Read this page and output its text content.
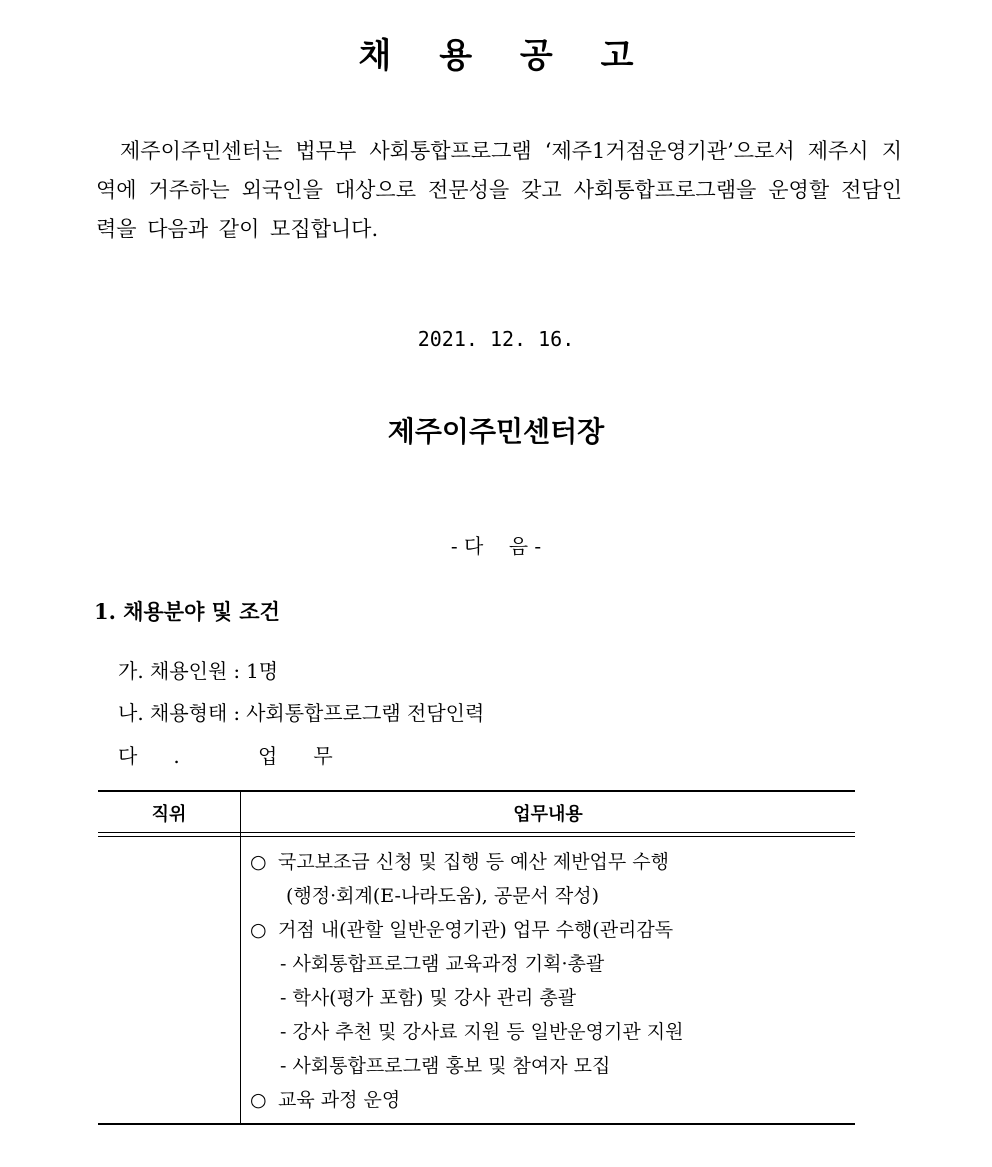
채 용 공 고
제주이주민센터는 법무부 사회통합프로그램 ‘제주1거점운영기관’으로서 제주시 지역에 거주하는 외국인을 대상으로 전문성을 갖고 사회통합프로그램을 운영할 전담인력을 다음과 같이 모집합니다.
2021. 12. 16.
제주이주민센터장
- 다    음 -
1. 채용분야 및 조건
가. 채용인원 : 1명
나. 채용형태 : 사회통합프로그램 전담인력
다. 업무
직위	업무내용
○ 국고보조금 신청 및 집행 등 예산 제반업무 수행
(행정·회계(E-나라도움), 공문서 작성)
○ 거점 내(관할 일반운영기관) 업무 수행(관리감독
- 사회통합프로그램 교육과정 기획·총괄
- 학사(평가 포함) 및 강사 관리 총괄
- 강사 추천 및 강사료 지원 등 일반운영기관 지원
- 사회통합프로그램 홍보 및 참여자 모집
○ 교육 과정 운영
